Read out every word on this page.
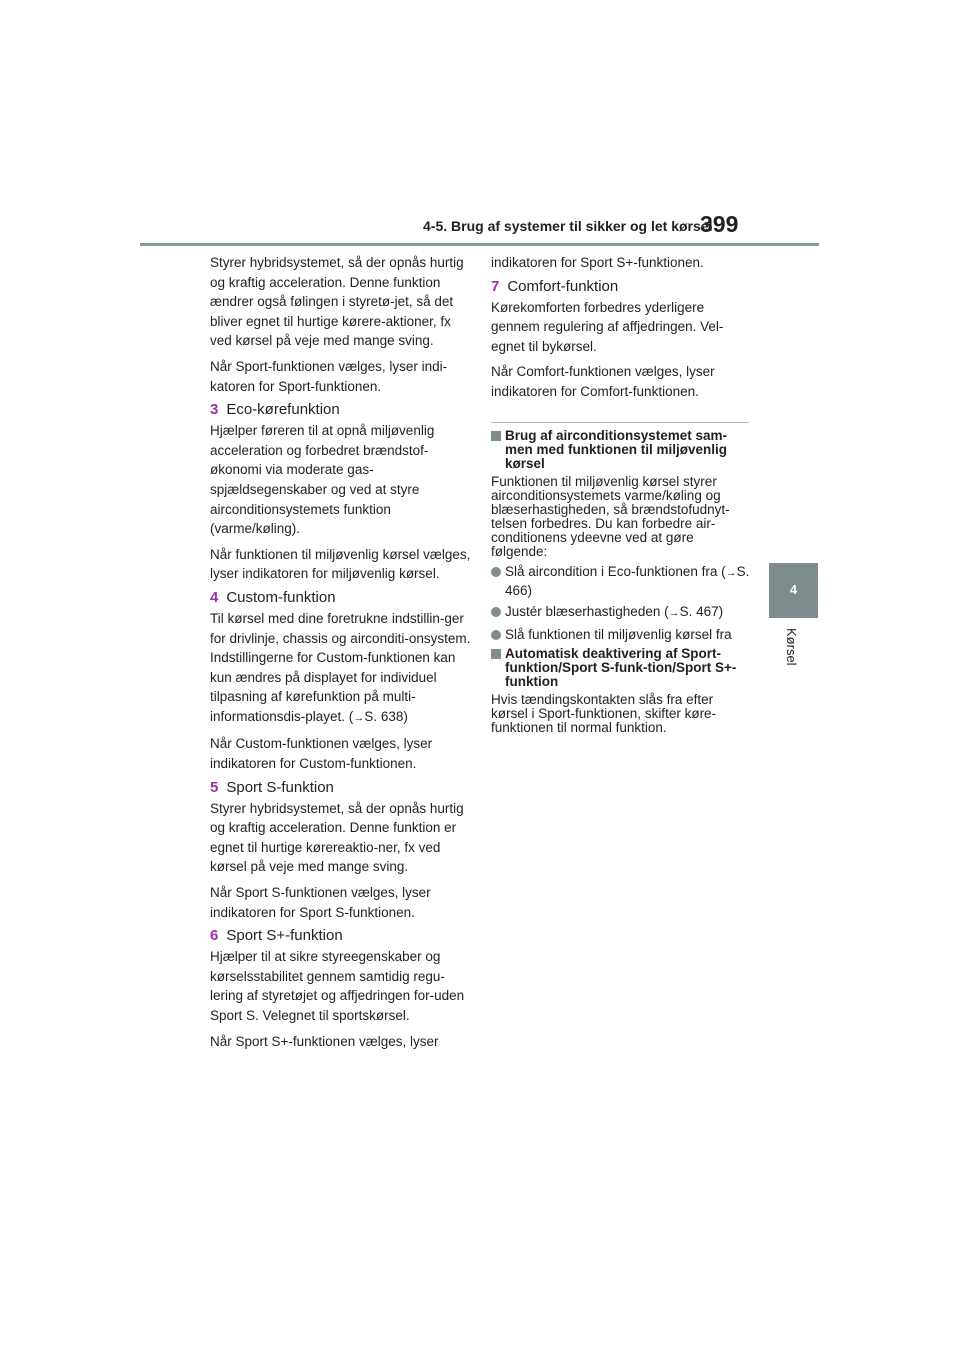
4-5. Brug af systemer til sikker og let kørsel
399
4
Kørsel

Styrer hybridsystemet, så der opnås hurtig og kraftig acceleration. Denne funktion ændrer også følingen i styretø-jet, så det bliver egnet til hurtige kørere-aktioner, fx ved kørsel på veje med mange sving.

Når Sport-funktionen vælges, lyser indi-katoren for Sport-funktionen.

3 Eco-kørefunktion

Hjælper føreren til at opnå miljøvenlig acceleration og forbedret brændstof-økonomi via moderate gas-spjældsegenskaber og ved at styre airconditionsystemets funktion (varme/køling).

Når funktionen til miljøvenlig kørsel vælges, lyser indikatoren for miljøvenlig kørsel.

4 Custom-funktion

Til kørsel med dine foretrukne indstillin-ger for drivlinje, chassis og airconditi-onsystem. Indstillingerne for Custom-funktionen kan kun ændres på displayet for individuel tilpasning af kørefunktion på multi-informationsdis-playet. (→S. 638)

Når Custom-funktionen vælges, lyser indikatoren for Custom-funktionen.

5 Sport S-funktion

Styrer hybridsystemet, så der opnås hurtig og kraftig acceleration. Denne funktion er egnet til hurtige kørereaktio-ner, fx ved kørsel på veje med mange sving.

Når Sport S-funktionen vælges, lyser indikatoren for Sport S-funktionen.

6 Sport S+-funktion

Hjælper til at sikre styreegenskaber og kørselsstabilitet gennem samtidig regu-lering af styretøjet og affjedringen for-uden Sport S. Velegnet til sportskørsel.

Når Sport S+-funktionen vælges, lyser

indikatoren for Sport S+-funktionen.

7 Comfort-funktion

Kørekomforten forbedres yderligere gennem regulering af affjedringen. Vel-egnet til bykørsel.

Når Comfort-funktionen vælges, lyser indikatoren for Comfort-funktionen.

Brug af airconditionsystemet sam-men med funktionen til miljøvenlig kørsel

Funktionen til miljøvenlig kørsel styrer airconditionsystemets varme/køling og blæserhastigheden, så brændstofudnyt-telsen forbedres. Du kan forbedre air-conditionens ydeevne ved at gøre følgende:

Slå aircondition i Eco-funktionen fra (→S. 466)

Justér blæserhastigheden (→S. 467)

Slå funktionen til miljøvenlig kørsel fra

Automatisk deaktivering af Sport-funktion/Sport S-funk-tion/Sport S+-funktion

Hvis tændingskontakten slås fra efter kørsel i Sport-funktionen, skifter køre-funktionen til normal funktion.
